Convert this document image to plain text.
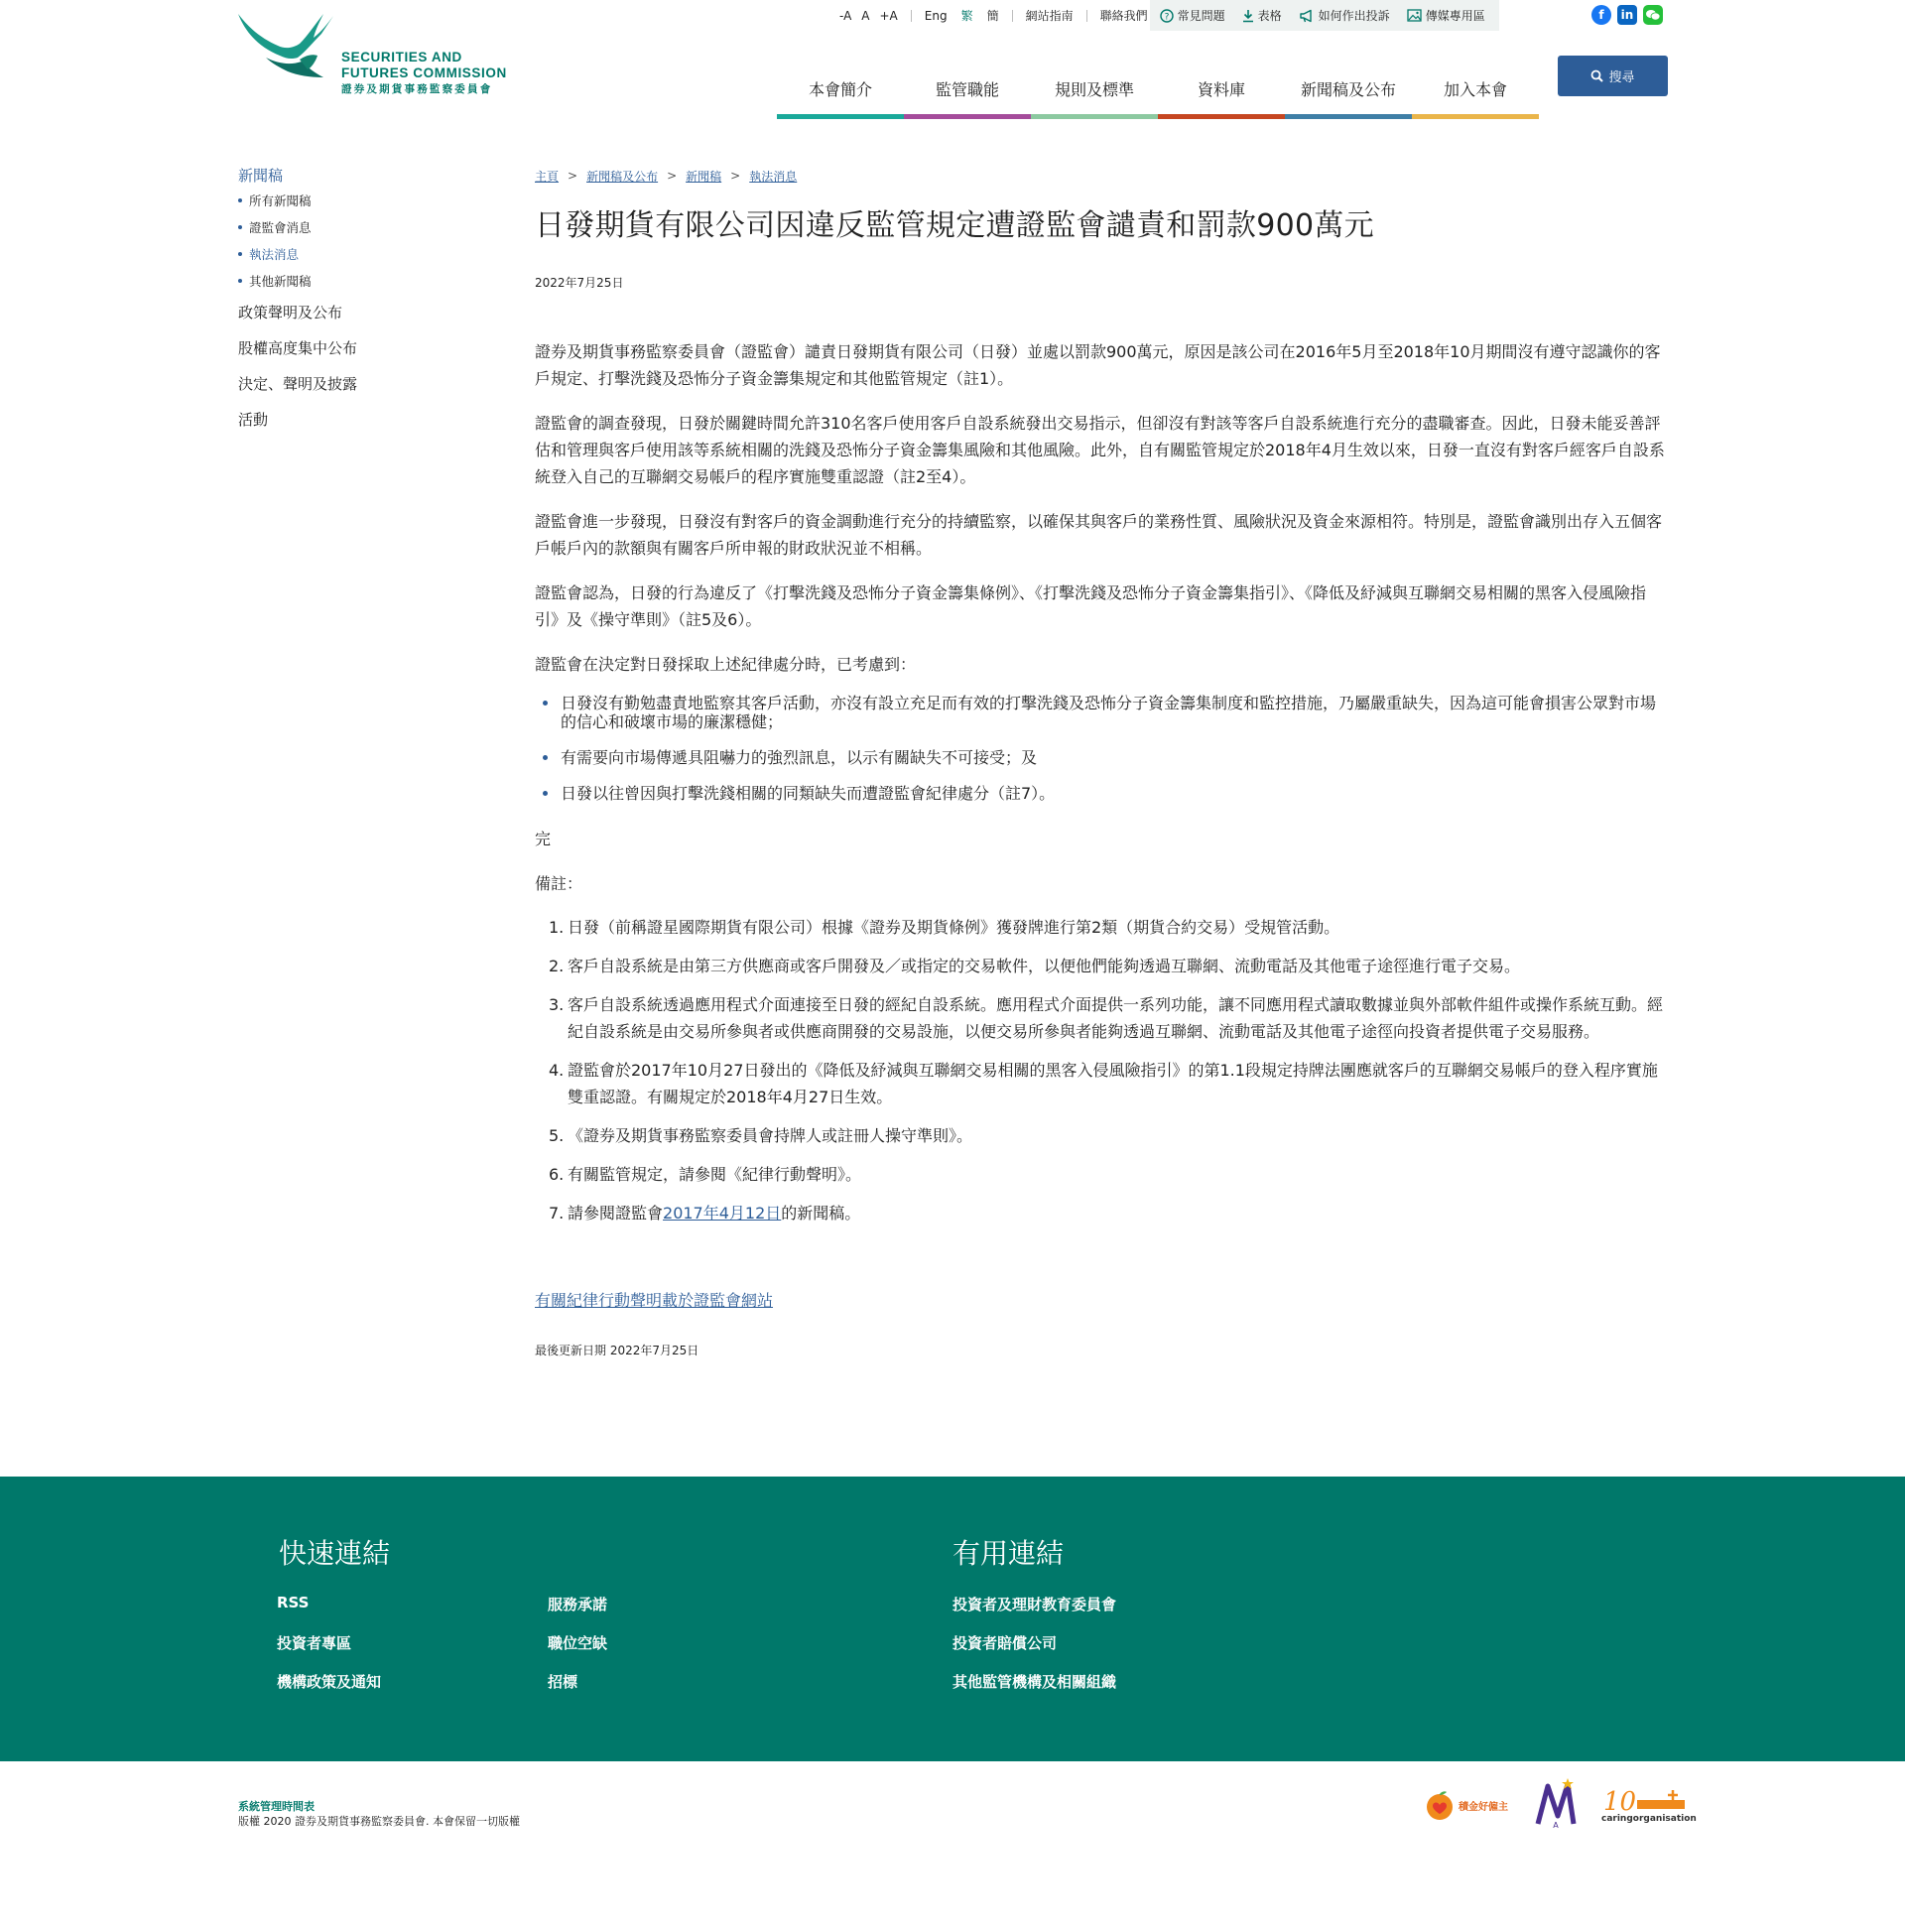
SECURITIES AND
FUTURES COMMISSION
證券及期貨事務監察委員會
-A A +A Eng 繁 簡 網站指南 聯絡我們 ? 常見問題	表格	如何作出投訴	傳媒專用區	f	in
本會簡介	監管職能	規則及標準	資料庫	新聞稿及公布	加入本會
搜尋
新聞稿
所有新聞稿
證監會消息
執法消息
其他新聞稿
政策聲明及公布
股權高度集中公布
決定、聲明及披露
活動
主頁 > 新聞稿及公布 > 新聞稿 > 執法消息
日發期貨有限公司因違反監管規定遭證監會譴責和罰款900萬元
2022年7月25日

證券及期貨事務監察委員會（證監會）譴責日發期貨有限公司（日發）並處以罰款900萬元，原因是該公司在2016年5月至2018年10月期間沒有遵守認識你的客戶規定、打擊洗錢及恐怖分子資金籌集規定和其他監管規定（註1）。

證監會的調查發現，日發於關鍵時間允許310名客戶使用客戶自設系統發出交易指示，但卻沒有對該等客戶自設系統進行充分的盡職審查。因此，日發未能妥善評估和管理與客戶使用該等系統相關的洗錢及恐怖分子資金籌集風險和其他風險。此外，自有關監管規定於2018年4月生效以來，日發一直沒有對客戶經客戶自設系統登入自己的互聯網交易帳戶的程序實施雙重認證（註2至4）。

證監會進一步發現，日發沒有對客戶的資金調動進行充分的持續監察，以確保其與客戶的業務性質、風險狀況及資金來源相符。特別是，證監會識別出存入五個客戶帳戶內的款額與有關客戶所申報的財政狀況並不相稱。

證監會認為，日發的行為違反了《打擊洗錢及恐怖分子資金籌集條例》、《打擊洗錢及恐怖分子資金籌集指引》、《降低及紓減與互聯網交易相關的黑客入侵風險指引》及《操守準則》（註5及6）。

證監會在決定對日發採取上述紀律處分時，已考慮到：

日發沒有勤勉盡責地監察其客戶活動，亦沒有設立充足而有效的打擊洗錢及恐怖分子資金籌集制度和監控措施，乃屬嚴重缺失，因為這可能會損害公眾對市場的信心和破壞市場的廉潔穩健；
有需要向市場傳遞具阻嚇力的強烈訊息，以示有關缺失不可接受；及
日發以往曾因與打擊洗錢相關的同類缺失而遭證監會紀律處分（註7）。
完
備註：
1. 日發（前稱證星國際期貨有限公司）根據《證券及期貨條例》獲發牌進行第2類（期貨合約交易）受規管活動。
2. 客戶自設系統是由第三方供應商或客戶開發及／或指定的交易軟件，以便他們能夠透過互聯網、流動電話及其他電子途徑進行電子交易。
3. 客戶自設系統透過應用程式介面連接至日發的經紀自設系統。應用程式介面提供一系列功能，讓不同應用程式讀取數據並與外部軟件組件或操作系統互動。經紀自設系統是由交易所參與者或供應商開發的交易設施，以便交易所參與者能夠透過互聯網、流動電話及其他電子途徑向投資者提供電子交易服務。
4. 證監會於2017年10月27日發出的《降低及紓減與互聯網交易相關的黑客入侵風險指引》的第1.1段規定持牌法團應就客戶的互聯網交易帳戶的登入程序實施雙重認證。有關規定於2018年4月27日生效。
5. 《證券及期貨事務監察委員會持牌人或註冊人操守準則》。
6. 有關監管規定，請參閱《紀律行動聲明》。
7. 請參閱證監會2017年4月12日的新聞稿。
有關紀律行動聲明載於證監會網站
最後更新日期 2022年7月25日
快速連結	有用連結
RSS
投資者專區
機構政策及通知
服務承諾
職位空缺
招標
投資者及理財教育委員會
投資者賠償公司
其他監管機構及相關組織
系統管理時間表
版權 2020 證券及期貨事務監察委員會. 本會保留一切版權
積金好僱主
A
10
caringorganisation
